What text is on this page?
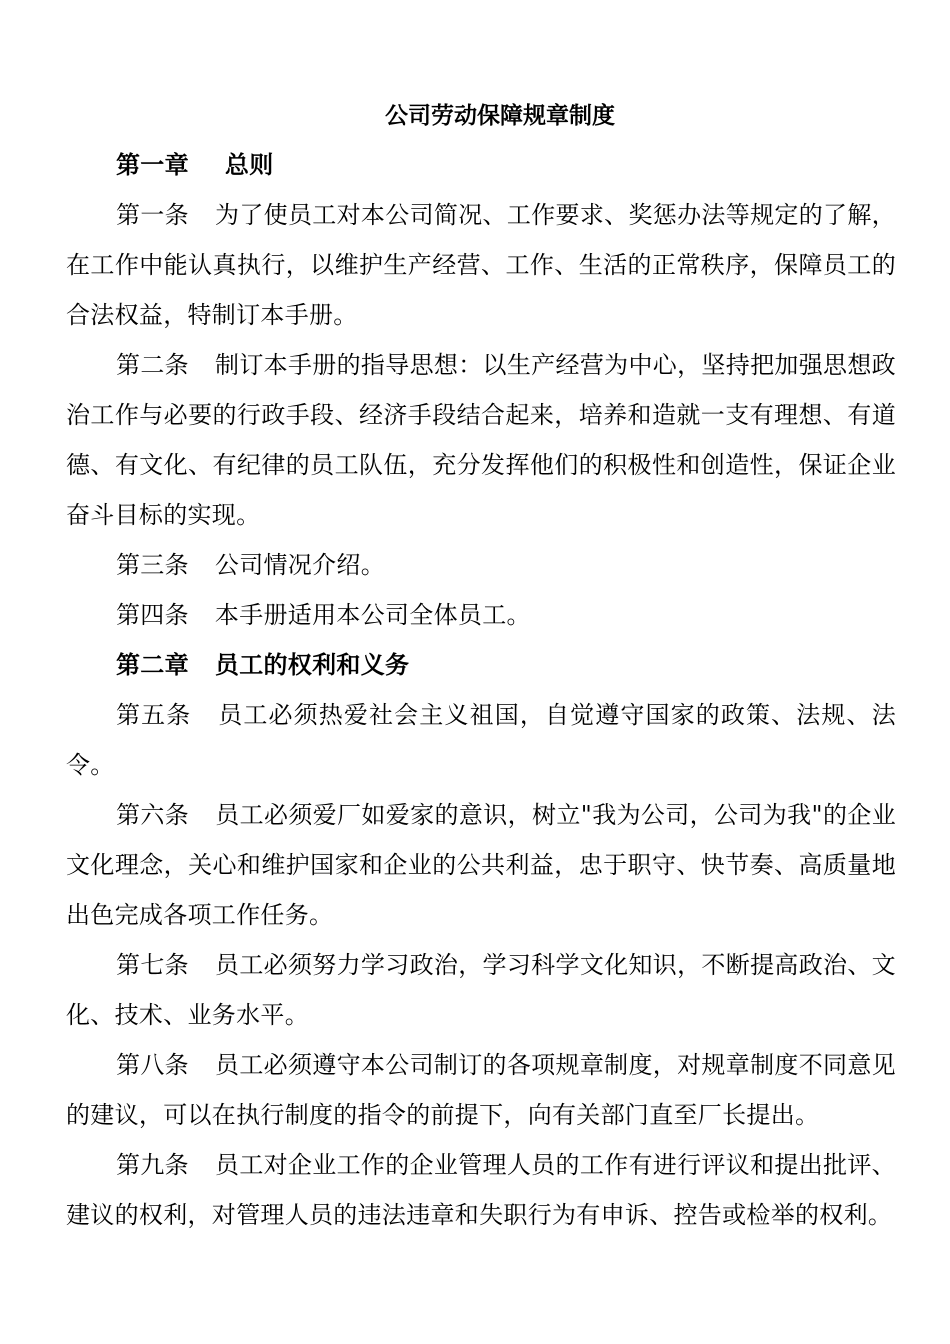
公司劳动保障规章制度

第一章 总则

第一条 为了使员工对本公司简况、工作要求、奖惩办法等规定的了解，在工作中能认真执行，以维护生产经营、工作、生活的正常秩序，保障员工的合法权益，特制订本手册。

第二条 制订本手册的指导思想：以生产经营为中心，坚持把加强思想政治工作与必要的行政手段、经济手段结合起来，培养和造就一支有理想、有道德、有文化、有纪律的员工队伍，充分发挥他们的积极性和创造性，保证企业奋斗目标的实现。

第三条 公司情况介绍。

第四条 本手册适用本公司全体员工。

第二章 员工的权利和义务

第五条 员工必须热爱社会主义祖国，自觉遵守国家的政策、法规、法令。

第六条 员工必须爱厂如爱家的意识，树立"我为公司，公司为我"的企业文化理念，关心和维护国家和企业的公共利益，忠于职守、快节奏、高质量地出色完成各项工作任务。

第七条 员工必须努力学习政治，学习科学文化知识，不断提高政治、文化、技术、业务水平。

第八条 员工必须遵守本公司制订的各项规章制度，对规章制度不同意见的建议，可以在执行制度的指令的前提下，向有关部门直至厂长提出。

第九条 员工对企业工作的企业管理人员的工作有进行评议和提出批评、建议的权利，对管理人员的违法违章和失职行为有申诉、控告或检举的权利。
